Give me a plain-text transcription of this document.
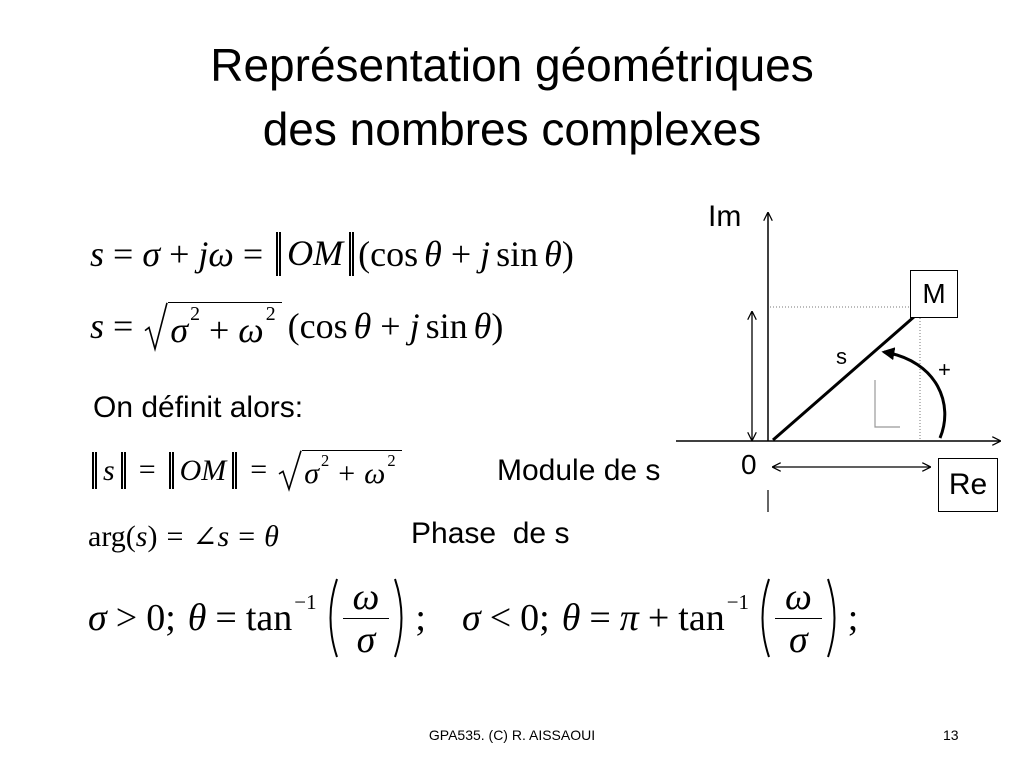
Représentation géométriques
des nombres complexes
s = σ + jω = OM (cos θ + j sin θ )
s = σ 2 + ω 2 (cos θ + j sin θ )
On définit alors:
s = OM = σ 2 + ω 2	Module de s
arg( s ) = ∠ s = θ	Phase  de s
σ > 0; $\theta = \tan -1 \frac{\omega}{\sigma}$ ; σ < 0; $\theta = \pi + \tan -1 \frac{\omega}{\sigma}$ ;
Im
M
s
+
0
Re
GPA535. (C) R. AISSAOUI	13
